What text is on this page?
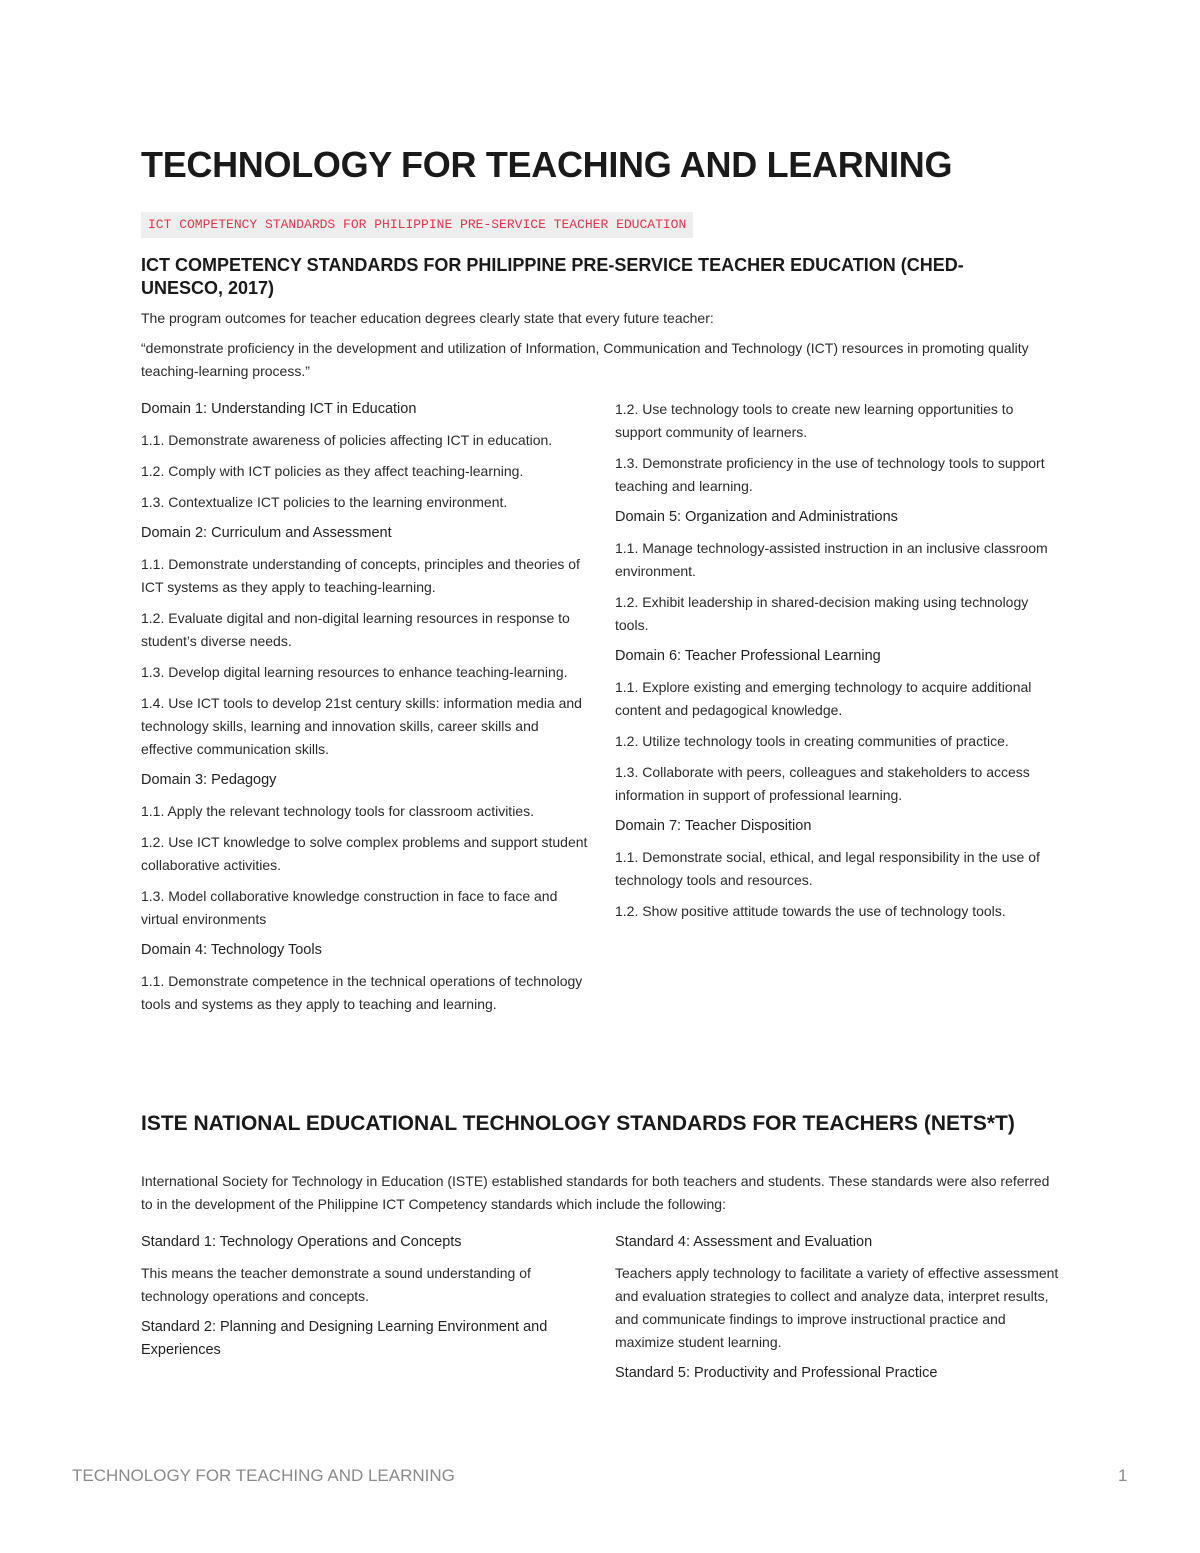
TECHNOLOGY FOR TEACHING AND LEARNING
ICT COMPETENCY STANDARDS FOR PHILIPPINE PRE-SERVICE TEACHER EDUCATION
ICT COMPETENCY STANDARDS FOR PHILIPPINE PRE-SERVICE TEACHER EDUCATION (CHED-UNESCO, 2017)

The program outcomes for teacher education degrees clearly state that every future teacher:

“demonstrate proficiency in the development and utilization of Information, Communication and Technology (ICT) resources in promoting quality teaching-learning process.”

Domain 1: Understanding ICT in Education

1.1. Demonstrate awareness of policies affecting ICT in education.

1.2. Comply with ICT policies as they affect teaching-learning.

1.3. Contextualize ICT policies to the learning environment.

Domain 2: Curriculum and Assessment

1.1. Demonstrate understanding of concepts, principles and theories of ICT systems as they apply to teaching-learning.

1.2. Evaluate digital and non-digital learning resources in response to student’s diverse needs.

1.3. Develop digital learning resources to enhance teaching-learning.

1.4. Use ICT tools to develop 21st century skills: information media and technology skills, learning and innovation skills, career skills and effective communication skills.

Domain 3: Pedagogy

1.1. Apply the relevant technology tools for classroom activities.

1.2. Use ICT knowledge to solve complex problems and support student collaborative activities.

1.3. Model collaborative knowledge construction in face to face and virtual environments

Domain 4: Technology Tools

1.1. Demonstrate competence in the technical operations of technology tools and systems as they apply to teaching and learning.

1.2. Use technology tools to create new learning opportunities to support community of learners.

1.3. Demonstrate proficiency in the use of technology tools to support teaching and learning.

Domain 5: Organization and Administrations

1.1. Manage technology-assisted instruction in an inclusive classroom environment.

1.2. Exhibit leadership in shared-decision making using technology tools.

Domain 6: Teacher Professional Learning

1.1. Explore existing and emerging technology to acquire additional content and pedagogical knowledge.

1.2. Utilize technology tools in creating communities of practice.

1.3. Collaborate with peers, colleagues and stakeholders to access information in support of professional learning.

Domain 7: Teacher Disposition

1.1. Demonstrate social, ethical, and legal responsibility in the use of technology tools and resources.

1.2. Show positive attitude towards the use of technology tools.

ISTE NATIONAL EDUCATIONAL TECHNOLOGY STANDARDS FOR TEACHERS (NETS*T)

International Society for Technology in Education (ISTE) established standards for both teachers and students. These standards were also referred to in the development of the Philippine ICT Competency standards which include the following:

Standard 1: Technology Operations and Concepts

This means the teacher demonstrate a sound understanding of technology operations and concepts.

Standard 2: Planning and Designing Learning Environment and Experiences

Standard 4: Assessment and Evaluation

Teachers apply technology to facilitate a variety of effective assessment and evaluation strategies to collect and analyze data, interpret results, and communicate findings to improve instructional practice and maximize student learning.

Standard 5: Productivity and Professional Practice

TECHNOLOGY FOR TEACHING AND LEARNING	1
